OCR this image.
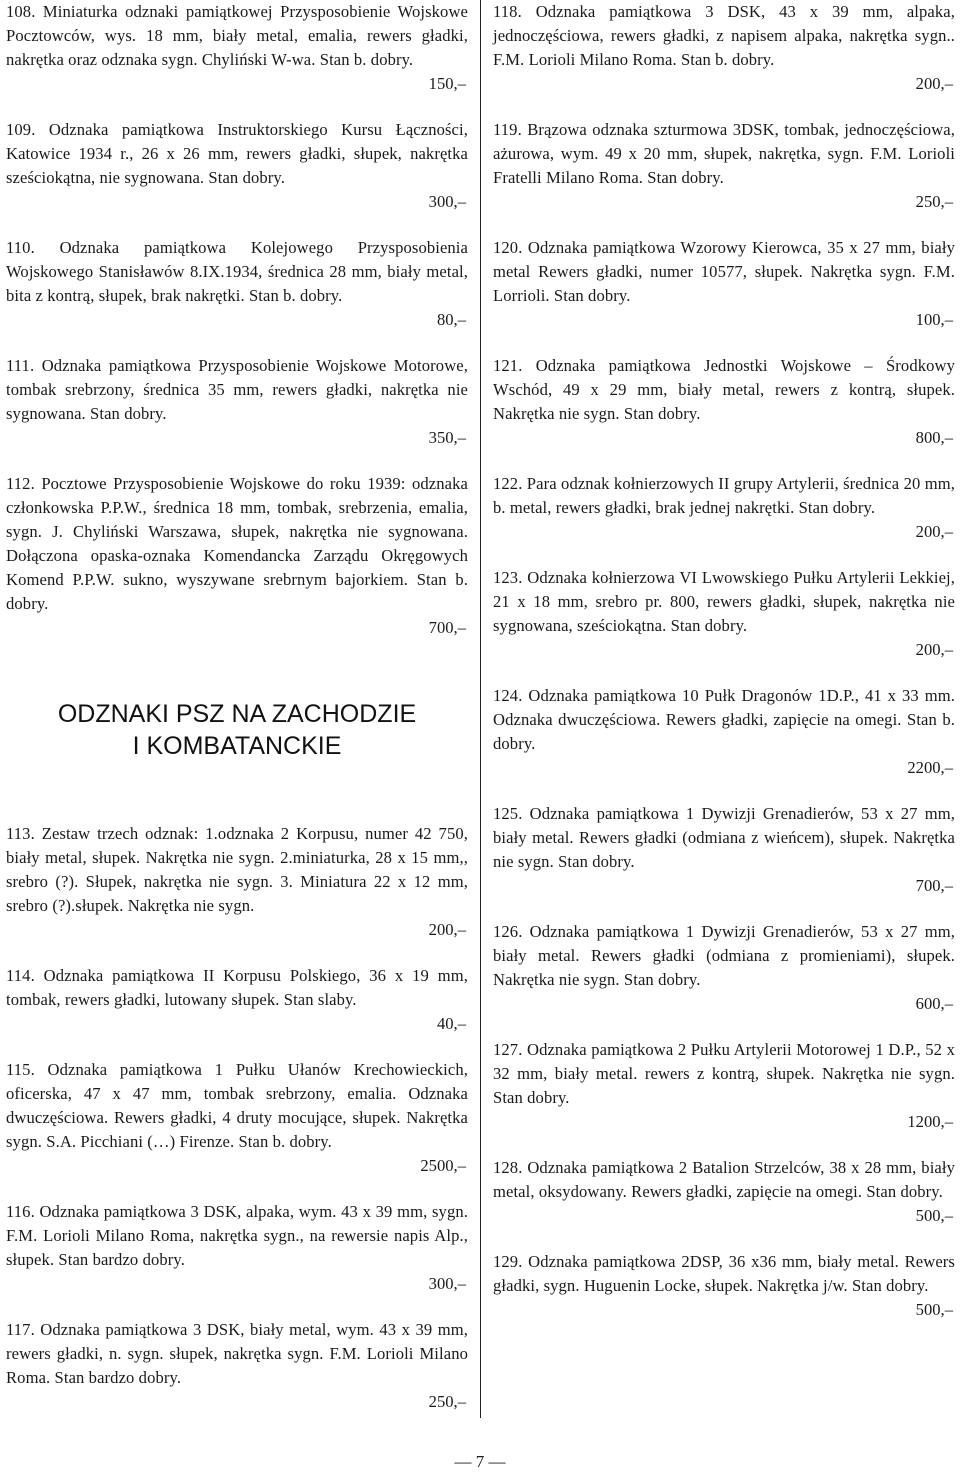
108. Miniaturka odznaki pamiątkowej Przysposobienie Wojskowe Pocztowców, wys. 18 mm, biały metal, emalia, rewers gładki, nakrętka oraz odznaka sygn. Chyliński W-wa. Stan b. dobry.

150,–

109. Odznaka pamiątkowa Instruktorskiego Kursu Łączności, Katowice 1934 r., 26 x 26 mm, rewers gładki, słupek, nakrętka sześciokątna, nie sygnowana. Stan dobry.

300,–

110. Odznaka pamiątkowa Kolejowego Przysposobienia Wojskowego Stanisławów 8.IX.1934, średnica 28 mm, biały metal, bita z kontrą, słupek, brak nakrętki. Stan b. dobry.

80,–

111. Odznaka pamiątkowa Przysposobienie Wojskowe Motorowe, tombak srebrzony, średnica 35 mm, rewers gładki, nakrętka nie sygnowana. Stan dobry.

350,–

112. Pocztowe Przysposobienie Wojskowe do roku 1939: odznaka członkowska P.P.W., średnica 18 mm, tombak, srebrzenia, emalia, sygn. J. Chyliński Warszawa, słupek, nakrętka nie sygnowana. Dołączona opaska-oznaka Komendancka Zarządu Okręgowych Komend P.P.W. sukno, wyszywane srebrnym bajorkiem. Stan b. dobry.

700,–

ODZNAKI PSZ NA ZACHODZIE
I KOMBATANCKIE

113. Zestaw trzech odznak: 1.odznaka 2 Korpusu, numer 42 750, biały metal, słupek. Nakrętka nie sygn. 2.miniaturka, 28 x 15 mm,, srebro (?). Słupek, nakrętka nie sygn. 3. Miniatura 22 x 12 mm, srebro (?).słupek. Nakrętka nie sygn.

200,–

114. Odznaka pamiątkowa II Korpusu Polskiego, 36 x 19 mm, tombak, rewers gładki, lutowany słupek. Stan slaby.

40,–

115. Odznaka pamiątkowa 1 Pułku Ułanów Krechowieckich, oficerska, 47 x 47 mm, tombak srebrzony, emalia. Odznaka dwuczęściowa. Rewers gładki, 4 druty mocujące, słupek. Nakrętka sygn. S.A. Picchiani (…) Firenze. Stan b. dobry.

2500,–

116. Odznaka pamiątkowa 3 DSK, alpaka, wym. 43 x 39 mm, sygn. F.M. Lorioli Milano Roma, nakrętka sygn., na rewersie napis Alp., słupek. Stan bardzo dobry.

300,–

117. Odznaka pamiątkowa 3 DSK, biały metal, wym. 43 x 39 mm, rewers gładki, n. sygn. słupek, nakrętka sygn. F.M. Lorioli Milano Roma. Stan bardzo dobry.

250,–

118. Odznaka pamiątkowa 3 DSK, 43 x 39 mm, alpaka, jednoczęściowa, rewers gładki, z napisem alpaka, nakrętka sygn.. F.M. Lorioli Milano Roma. Stan b. dobry.

200,–

119. Brązowa odznaka szturmowa 3DSK, tombak, jednoczęściowa, ażurowa, wym. 49 x 20 mm, słupek, nakrętka, sygn. F.M. Lorioli Fratelli Milano Roma. Stan dobry.

250,–

120. Odznaka pamiątkowa Wzorowy Kierowca, 35 x 27 mm, biały metal Rewers gładki, numer 10577, słupek. Nakrętka sygn. F.M. Lorrioli. Stan dobry.

100,–

121. Odznaka pamiątkowa Jednostki Wojskowe – Środkowy Wschód, 49 x 29 mm, biały metal, rewers z kontrą, słupek. Nakrętka nie sygn. Stan dobry.

800,–

122. Para odznak kołnierzowych II grupy Artylerii, średnica 20 mm, b. metal, rewers gładki, brak jednej nakrętki. Stan dobry.

200,–

123. Odznaka kołnierzowa VI Lwowskiego Pułku Artylerii Lekkiej, 21 x 18 mm, srebro pr. 800, rewers gładki, słupek, nakrętka nie sygnowana, sześciokątna. Stan dobry.

200,–

124. Odznaka pamiątkowa 10 Pułk Dragonów 1D.P., 41 x 33 mm. Odznaka dwuczęściowa. Rewers gładki, zapięcie na omegi. Stan b. dobry.

2200,–

125. Odznaka pamiątkowa 1 Dywizji Grenadierów, 53 x 27 mm, biały metal. Rewers gładki (odmiana z wieńcem), słupek. Nakrętka nie sygn. Stan dobry.

700,–

126. Odznaka pamiątkowa 1 Dywizji Grenadierów, 53 x 27 mm, biały metal. Rewers gładki (odmiana z promieniami), słupek. Nakrętka nie sygn. Stan dobry.

600,–

127. Odznaka pamiątkowa 2 Pułku Artylerii Motorowej 1 D.P., 52 x 32 mm, biały metal. rewers z kontrą, słupek. Nakrętka nie sygn. Stan dobry.

1200,–

128. Odznaka pamiątkowa 2 Batalion Strzelców, 38 x 28 mm, biały metal, oksydowany. Rewers gładki, zapięcie na omegi. Stan dobry.

500,–

129. Odznaka pamiątkowa 2DSP, 36 x36 mm, biały metal. Rewers gładki, sygn. Huguenin Locke, słupek. Nakrętka j/w. Stan dobry.

500,–

— 7 —
